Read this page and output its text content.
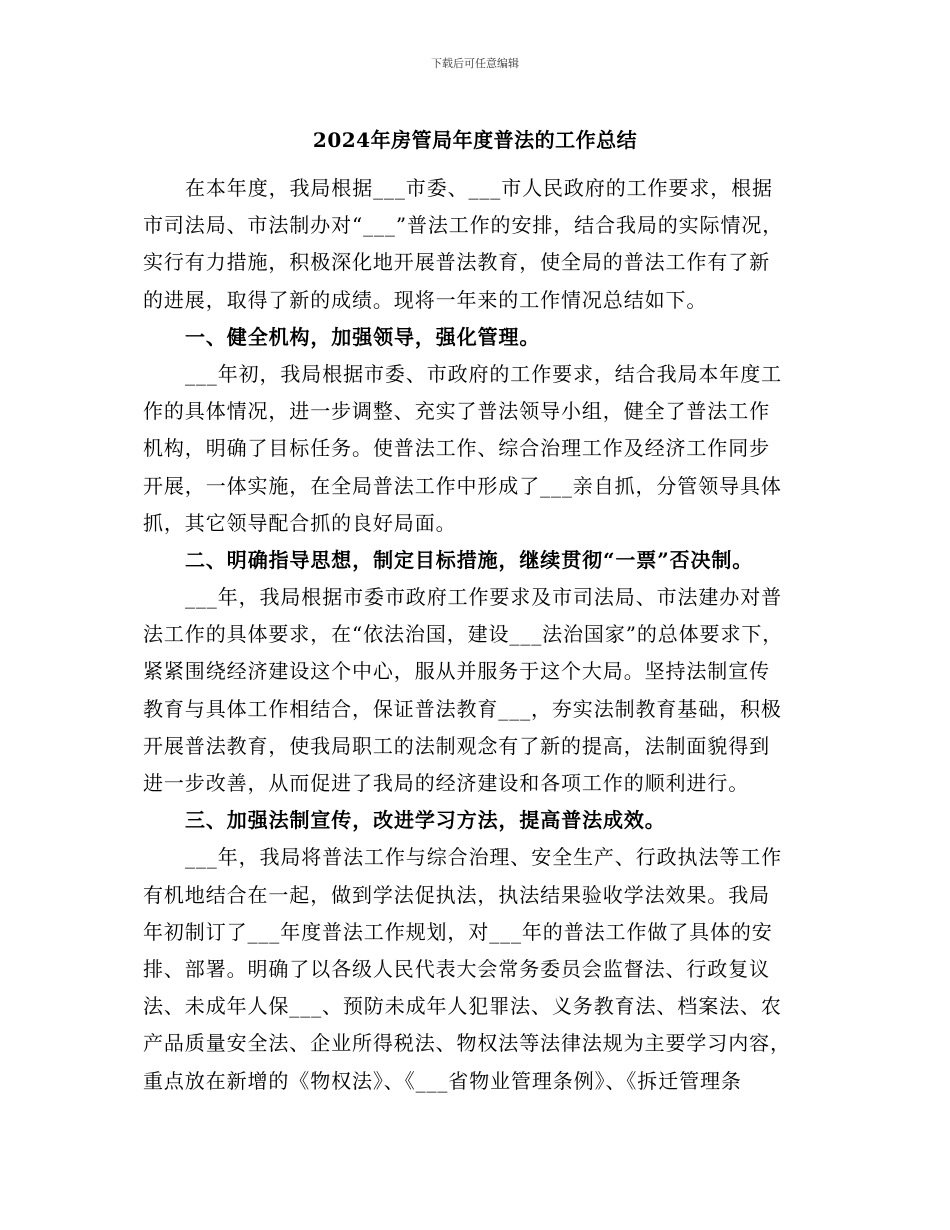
下载后可任意编辑
2024年房管局年度普法的工作总结
在本年度，我局根据___市委、___市人民政府的工作要求，根据
市司法局、市法制办对“___”普法工作的安排，结合我局的实际情况，
实行有力措施，积极深化地开展普法教育，使全局的普法工作有了新
的进展，取得了新的成绩。现将一年来的工作情况总结如下。
一、健全机构，加强领导，强化管理。
___年初，我局根据市委、市政府的工作要求，结合我局本年度工
作的具体情况，进一步调整、充实了普法领导小组，健全了普法工作
机构，明确了目标任务。使普法工作、综合治理工作及经济工作同步
开展，一体实施，在全局普法工作中形成了___亲自抓，分管领导具体
抓，其它领导配合抓的良好局面。
二、明确指导思想，制定目标措施，继续贯彻“一票”否决制。
___年，我局根据市委市政府工作要求及市司法局、市法建办对普
法工作的具体要求，在“依法治国，建设___法治国家”的总体要求下，
紧紧围绕经济建设这个中心，服从并服务于这个大局。坚持法制宣传
教育与具体工作相结合，保证普法教育___，夯实法制教育基础，积极
开展普法教育，使我局职工的法制观念有了新的提高，法制面貌得到
进一步改善，从而促进了我局的经济建设和各项工作的顺利进行。
三、加强法制宣传，改进学习方法，提高普法成效。
___年，我局将普法工作与综合治理、安全生产、行政执法等工作
有机地结合在一起，做到学法促执法，执法结果验收学法效果。我局
年初制订了___年度普法工作规划，对___年的普法工作做了具体的安
排、部署。明确了以各级人民代表大会常务委员会监督法、行政复议
法、未成年人保___、预防未成年人犯罪法、义务教育法、档案法、农
产品质量安全法、企业所得税法、物权法等法律法规为主要学习内容，
重点放在新增的《物权法》、《___省物业管理条例》、《拆迁管理条
